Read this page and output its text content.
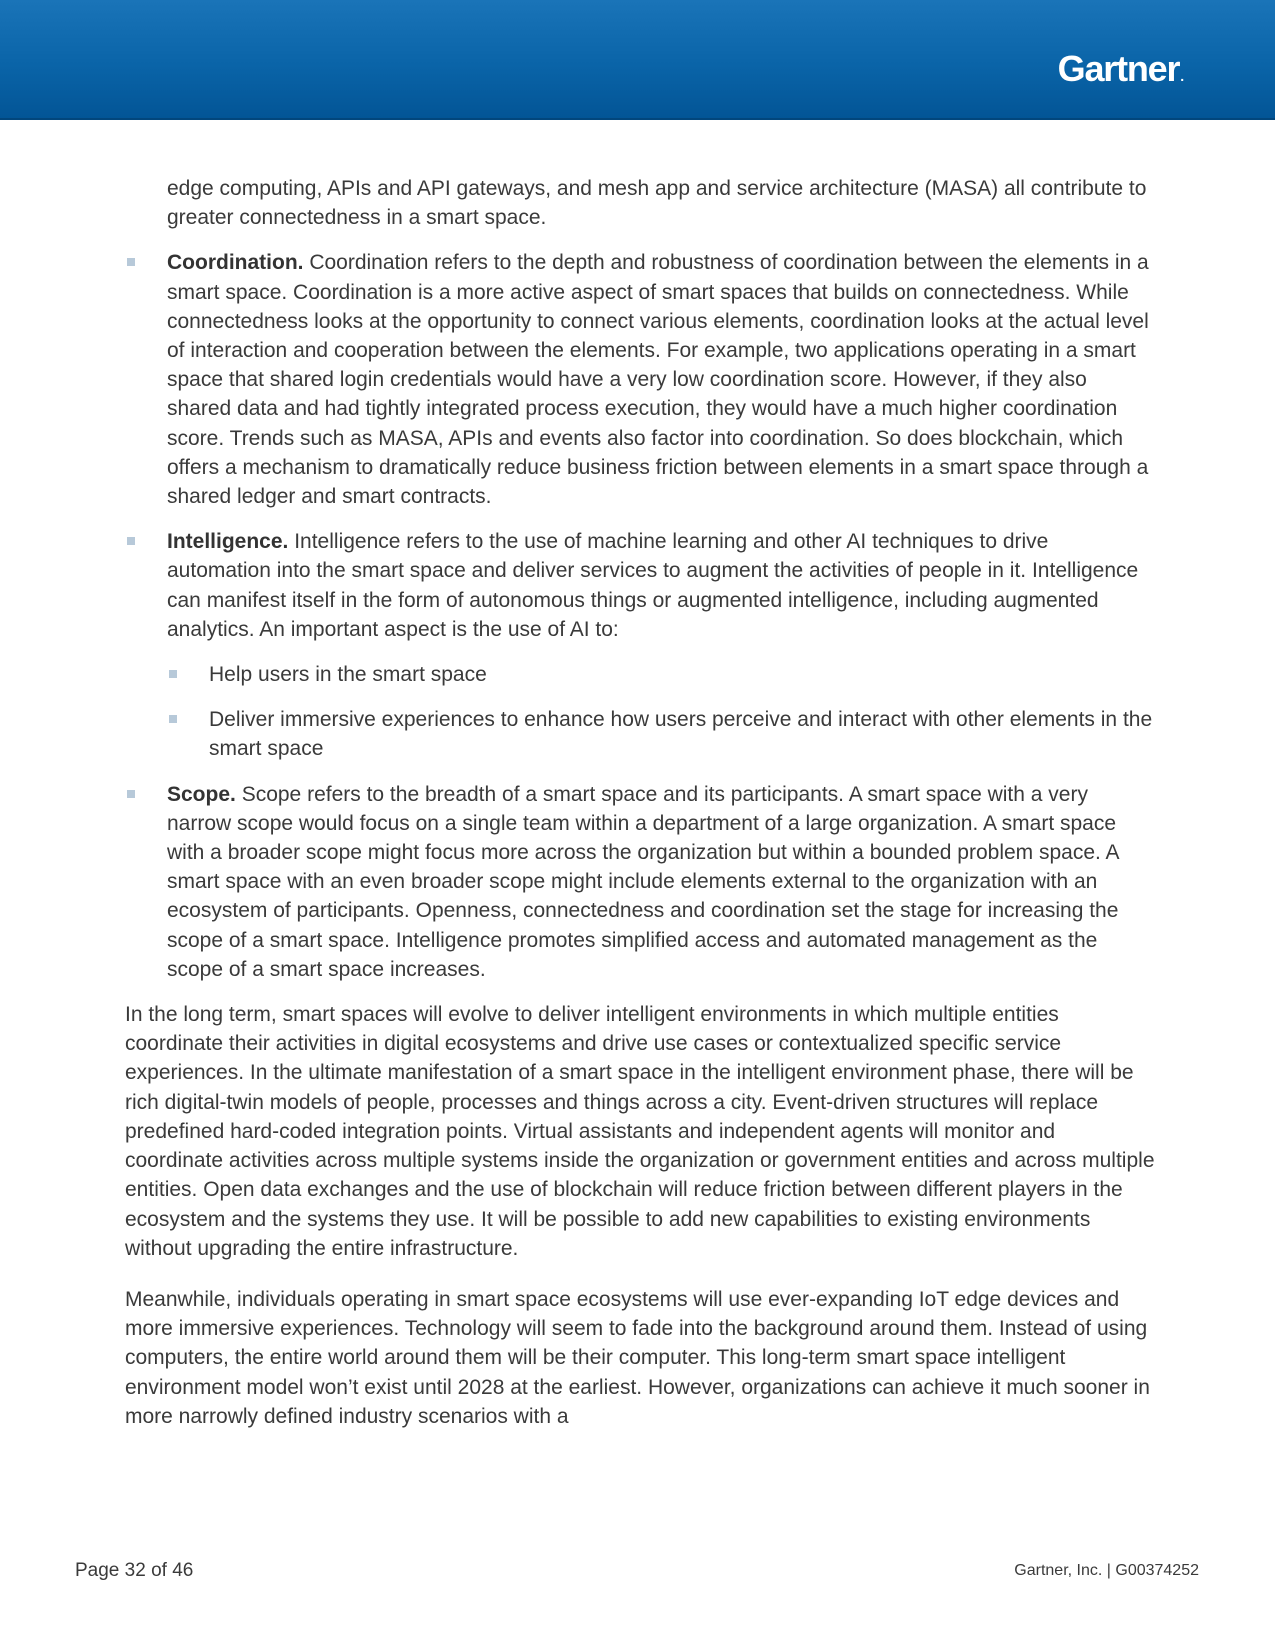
Gartner.

edge computing, APIs and API gateways, and mesh app and service architecture (MASA) all contribute to greater connectedness in a smart space.

Coordination. Coordination refers to the depth and robustness of coordination between the elements in a smart space. Coordination is a more active aspect of smart spaces that builds on connectedness. While connectedness looks at the opportunity to connect various elements, coordination looks at the actual level of interaction and cooperation between the elements. For example, two applications operating in a smart space that shared login credentials would have a very low coordination score. However, if they also shared data and had tightly integrated process execution, they would have a much higher coordination score. Trends such as MASA, APIs and events also factor into coordination. So does blockchain, which offers a mechanism to dramatically reduce business friction between elements in a smart space through a shared ledger and smart contracts.
Intelligence. Intelligence refers to the use of machine learning and other AI techniques to drive automation into the smart space and deliver services to augment the activities of people in it. Intelligence can manifest itself in the form of autonomous things or augmented intelligence, including augmented analytics. An important aspect is the use of AI to:
Help users in the smart space
Deliver immersive experiences to enhance how users perceive and interact with other elements in the smart space
Scope. Scope refers to the breadth of a smart space and its participants. A smart space with a very narrow scope would focus on a single team within a department of a large organization. A smart space with a broader scope might focus more across the organization but within a bounded problem space. A smart space with an even broader scope might include elements external to the organization with an ecosystem of participants. Openness, connectedness and coordination set the stage for increasing the scope of a smart space. Intelligence promotes simplified access and automated management as the scope of a smart space increases.

In the long term, smart spaces will evolve to deliver intelligent environments in which multiple entities coordinate their activities in digital ecosystems and drive use cases or contextualized specific service experiences. In the ultimate manifestation of a smart space in the intelligent environment phase, there will be rich digital-twin models of people, processes and things across a city. Event-driven structures will replace predefined hard-coded integration points. Virtual assistants and independent agents will monitor and coordinate activities across multiple systems inside the organization or government entities and across multiple entities. Open data exchanges and the use of blockchain will reduce friction between different players in the ecosystem and the systems they use. It will be possible to add new capabilities to existing environments without upgrading the entire infrastructure.

Meanwhile, individuals operating in smart space ecosystems will use ever-expanding IoT edge devices and more immersive experiences. Technology will seem to fade into the background around them. Instead of using computers, the entire world around them will be their computer. This long-term smart space intelligent environment model won’t exist until 2028 at the earliest. However, organizations can achieve it much sooner in more narrowly defined industry scenarios with a

Page 32 of 46	Gartner, Inc. | G00374252
